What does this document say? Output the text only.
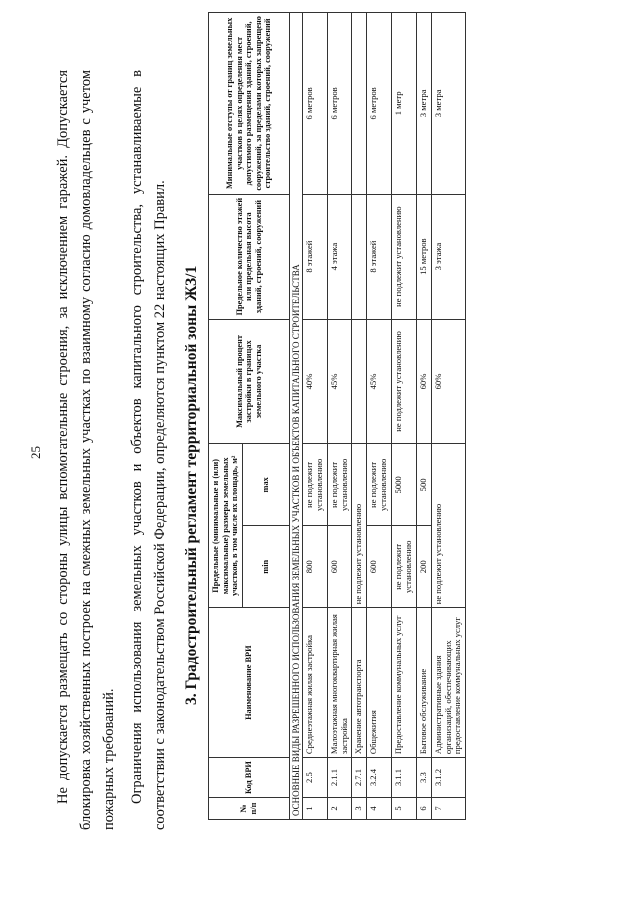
25 Не допускается размещать со стороны улицы вспомогательные строения, за исключением гаражей. Допускается блокировка хозяйственных построек на смежных земельных участках по взаимному согласию домовладельцев с учетом пожарных требований. Ограничения использования земельных участков и объектов капитального строительства, устанавливаемые в соответствии с законодательством Российской Федерации, определяются пунктом 22 настоящих Правил. 3. Градостроительный регламент территориальной зоны ЖЗ/1
№ п/п	Код ВРИ	Наименование ВРИ	Предельные (минимальные и (или) максимальные) размеры земельных участков, в том числе их площадь, м²		Максимальный процент застройки в границах земельного участка	Предельное количество этажей или предельная высота зданий, строений, сооружений	Минимальные отступы от границ земельных участков в целях определения мест допустимого размещения зданий, строений, сооружений, за пределами которых запрещено строительство зданий, строений, сооружений
			min	max			
ОСНОВНЫЕ ВИДЫ РАЗРЕШЕННОГО ИСПОЛЬЗОВАНИЯ ЗЕМЕЛЬНЫХ УЧАСТКОВ И ОБЪЕКТОВ КАПИТАЛЬНОГО СТРОИТЕЛЬСТВА							
1	2.5	Среднеэтажная жилая застройка	800	не подлежит установлению	40%	8 этажей	6 метров
2	2.1.1	Малоэтажная многоквартирная жилая застройка	600	не подлежит установлению	45%	4 этажа	6 метров
3	2.7.1	Хранение автотранспорта	не подлежит установлению				
4	3.2.4	Общежития	600	не подлежит установлению	45%	8 этажей	6 метров
5	3.1.1	Предоставление коммунальных услуг	не подлежит установлению	5000	не подлежит установлению	не подлежит установлению	1 метр
6	3.3	Бытовое обслуживание	200	500	60%	15 метров	3 метра
7	3.1.2	Административные здания организаций, обеспечивающих предоставление коммунальных услуг	не подлежит установлению		60%	3 этажа	3 метра
